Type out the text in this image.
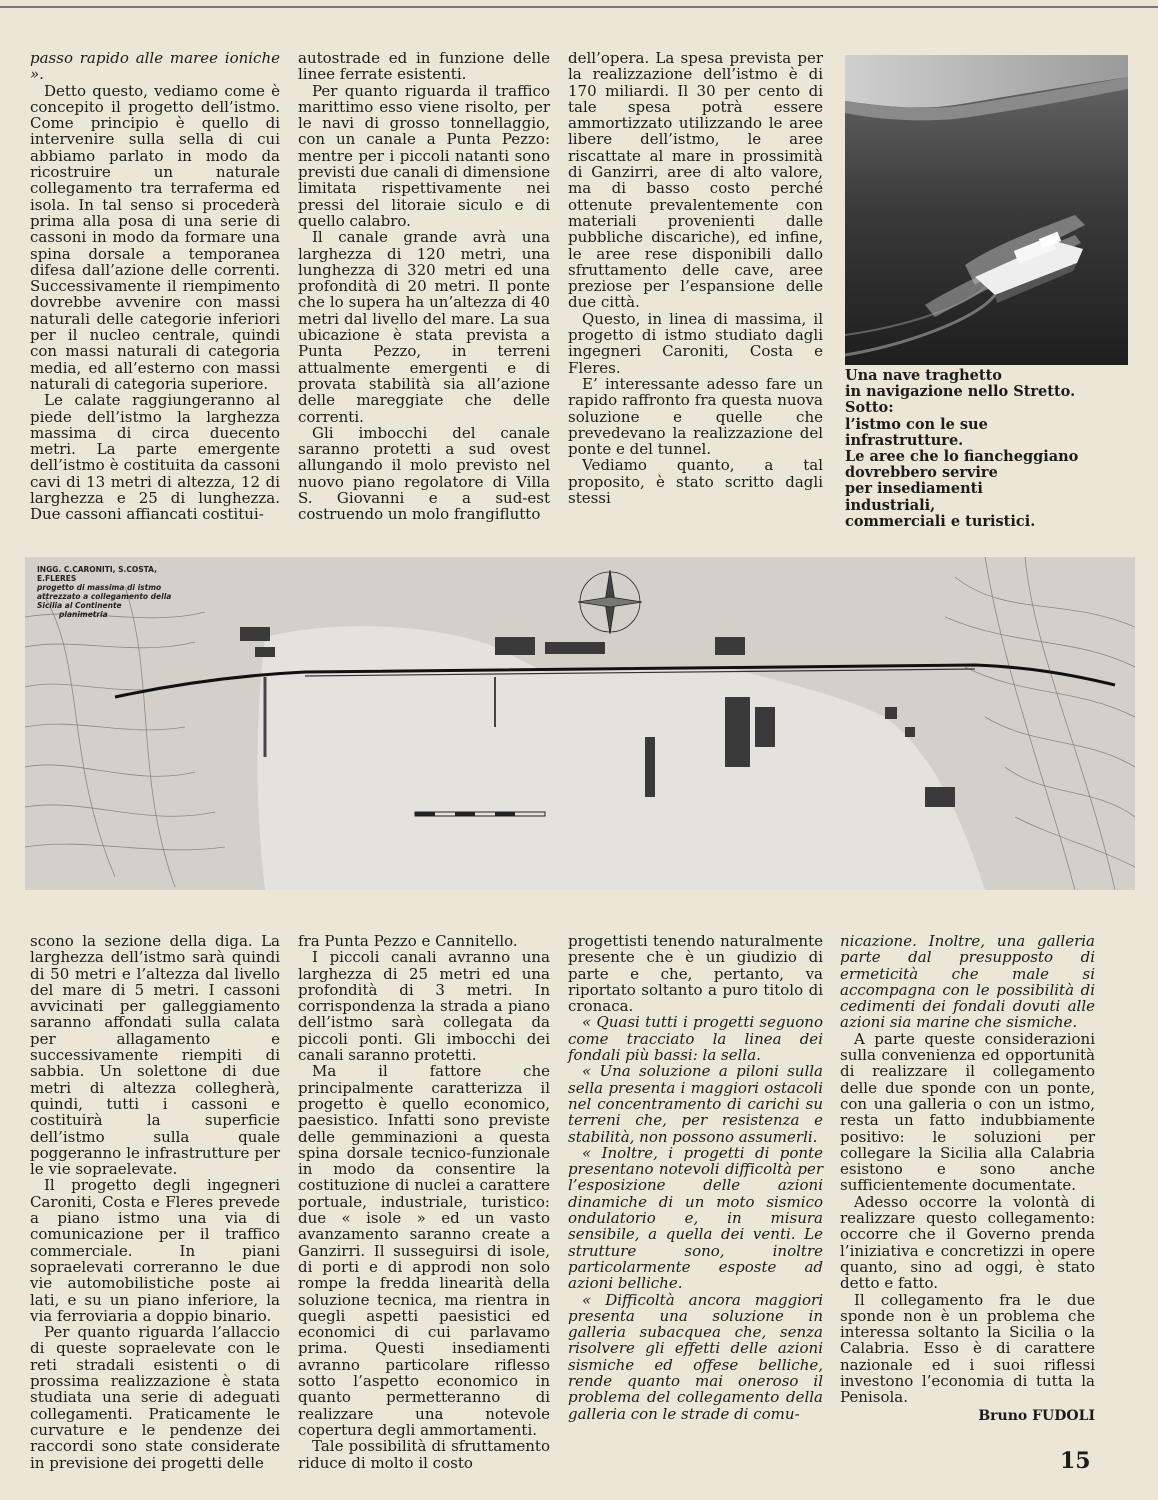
passo rapido alle maree ioniche ».

Detto questo, vediamo come è concepito il progetto dell’istmo. Come principio è quello di intervenire sulla sella di cui abbiamo parlato in modo da ricostruire un naturale collegamento tra terraferma ed isola. In tal senso si procederà prima alla posa di una serie di cassoni in modo da formare una spina dorsale a temporanea difesa dall’azione delle correnti. Successivamente il riempimento dovrebbe avvenire con massi naturali delle categorie inferiori per il nucleo centrale, quindi con massi naturali di categoria media, ed all’esterno con massi naturali di categoria superiore.

Le calate raggiungeranno al piede dell’istmo la larghezza massima di circa duecento metri. La parte emergente dell’istmo è costituita da cassoni cavi di 13 metri di altezza, 12 di larghezza e 25 di lunghezza. Due cassoni affiancati costitui-

autostrade ed in funzione delle linee ferrate esistenti.

Per quanto riguarda il traffico marittimo esso viene risolto, per le navi di grosso tonnellaggio, con un canale a Punta Pezzo: mentre per i piccoli natanti sono previsti due canali di dimensione limitata rispettivamente nei pressi del litoraie siculo e di quello calabro.

Il canale grande avrà una larghezza di 120 metri, una lunghezza di 320 metri ed una profondità di 20 metri. Il ponte che lo supera ha un’altezza di 40 metri dal livello del mare. La sua ubicazione è stata prevista a Punta Pezzo, in terreni attualmente emergenti e di provata stabilità sia all’azione delle mareggiate che delle correnti.

Gli imbocchi del canale saranno protetti a sud ovest allungando il molo previsto nel nuovo piano regolatore di Villa S. Giovanni e a sud-est costruendo un molo frangiflutto

dell’opera. La spesa prevista per la realizzazione dell’istmo è di 170 miliardi. Il 30 per cento di tale spesa potrà essere ammortizzato utilizzando le aree libere dell’istmo, le aree riscattate al mare in prossimità di Ganzirri, aree di alto valore, ma di basso costo perché ottenute prevalentemente con materiali provenienti dalle pubbliche discariche), ed infine, le aree rese disponibili dallo sfruttamento delle cave, aree preziose per l’espansione delle due città.

Questo, in linea di massima, il progetto di istmo studiato dagli ingegneri Caroniti, Costa e Fleres.

E’ interessante adesso fare un rapido raffronto fra questa nuova soluzione e quelle che prevedevano la realizzazione del ponte e del tunnel.

Vediamo quanto, a tal proposito, è stato scritto dagli stessi

Una nave traghetto
in navigazione nello Stretto.
Sotto:
l’istmo con le sue
infrastrutture.
Le aree che lo fiancheggiano
dovrebbero servire
per insediamenti
industriali,
commerciali e turistici.
INGG. C.CARONITI, S.COSTA, E.FLERES
progetto di massima di istmo attrezzato a collegamento della Sicilia al Continente
planimetria

scono la sezione della diga. La larghezza dell’istmo sarà quindi di 50 metri e l’altezza dal livello del mare di 5 metri. I cassoni avvicinati per galleggiamento saranno affondati sulla calata per allagamento e successivamente riempiti di sabbia. Un solettone di due metri di altezza collegherà, quindi, tutti i cassoni e costituirà la superficie dell’istmo sulla quale poggeranno le infrastrutture per le vie sopraelevate.

Il progetto degli ingegneri Caroniti, Costa e Fleres prevede a piano istmo una via di comunicazione per il traffico commerciale. In piani sopraelevati correranno le due vie automobilistiche poste ai lati, e su un piano inferiore, la via ferroviaria a doppio binario.

Per quanto riguarda l’allaccio di queste sopraelevate con le reti stradali esistenti o di prossima realizzazione è stata studiata una serie di adeguati collegamenti. Praticamente le curvature e le pendenze dei raccordi sono state considerate in previsione dei progetti delle

fra Punta Pezzo e Cannitello.

I piccoli canali avranno una larghezza di 25 metri ed una profondità di 3 metri. In corrispondenza la strada a piano dell’istmo sarà collegata da piccoli ponti. Gli imbocchi dei canali saranno protetti.

Ma il fattore che principalmente caratterizza il progetto è quello economico, paesistico. Infatti sono previste delle gemminazioni a questa spina dorsale tecnico-funzionale in modo da consentire la costituzione di nuclei a carattere portuale, industriale, turistico: due « isole » ed un vasto avanzamento saranno create a Ganzirri. Il susseguirsi di isole, di porti e di approdi non solo rompe la fredda linearità della soluzione tecnica, ma rientra in quegli aspetti paesistici ed economici di cui parlavamo prima. Questi insediamenti avranno particolare riflesso sotto l’aspetto economico in quanto permetteranno di realizzare una notevole copertura degli ammortamenti.

Tale possibilità di sfruttamento riduce di molto il costo

progettisti tenendo naturalmente presente che è un giudizio di parte e che, pertanto, va riportato soltanto a puro titolo di cronaca.

« Quasi tutti i progetti seguono come tracciato la linea dei fondali più bassi: la sella.

« Una soluzione a piloni sulla sella presenta i maggiori ostacoli nel concentramento di carichi su terreni che, per resistenza e stabilità, non possono assumerli.

« Inoltre, i progetti di ponte presentano notevoli difficoltà per l’esposizione delle azioni dinamiche di un moto sismico ondulatorio e, in misura sensibile, a quella dei venti. Le strutture sono, inoltre particolarmente esposte ad azioni belliche.

« Difficoltà ancora maggiori presenta una soluzione in galleria subacquea che, senza risolvere gli effetti delle azioni sismiche ed offese belliche, rende quanto mai oneroso il problema del collegamento della galleria con le strade di comu-

nicazione. Inoltre, una galleria parte dal presupposto di ermeticità che male si accompagna con le possibilità di cedimenti dei fondali dovuti alle azioni sia marine che sismiche.

A parte queste considerazioni sulla convenienza ed opportunità di realizzare il collegamento delle due sponde con un ponte, con una galleria o con un istmo, resta un fatto indubbiamente positivo: le soluzioni per collegare la Sicilia alla Calabria esistono e sono anche sufficientemente documentate.

Adesso occorre la volontà di realizzare questo collegamento: occorre che il Governo prenda l’iniziativa e concretizzi in opere quanto, sino ad oggi, è stato detto e fatto.

Il collegamento fra le due sponde non è un problema che interessa soltanto la Sicilia o la Calabria. Esso è di carattere nazionale ed i suoi riflessi investono l’economia di tutta la Penisola.

Bruno FUDOLI

15
